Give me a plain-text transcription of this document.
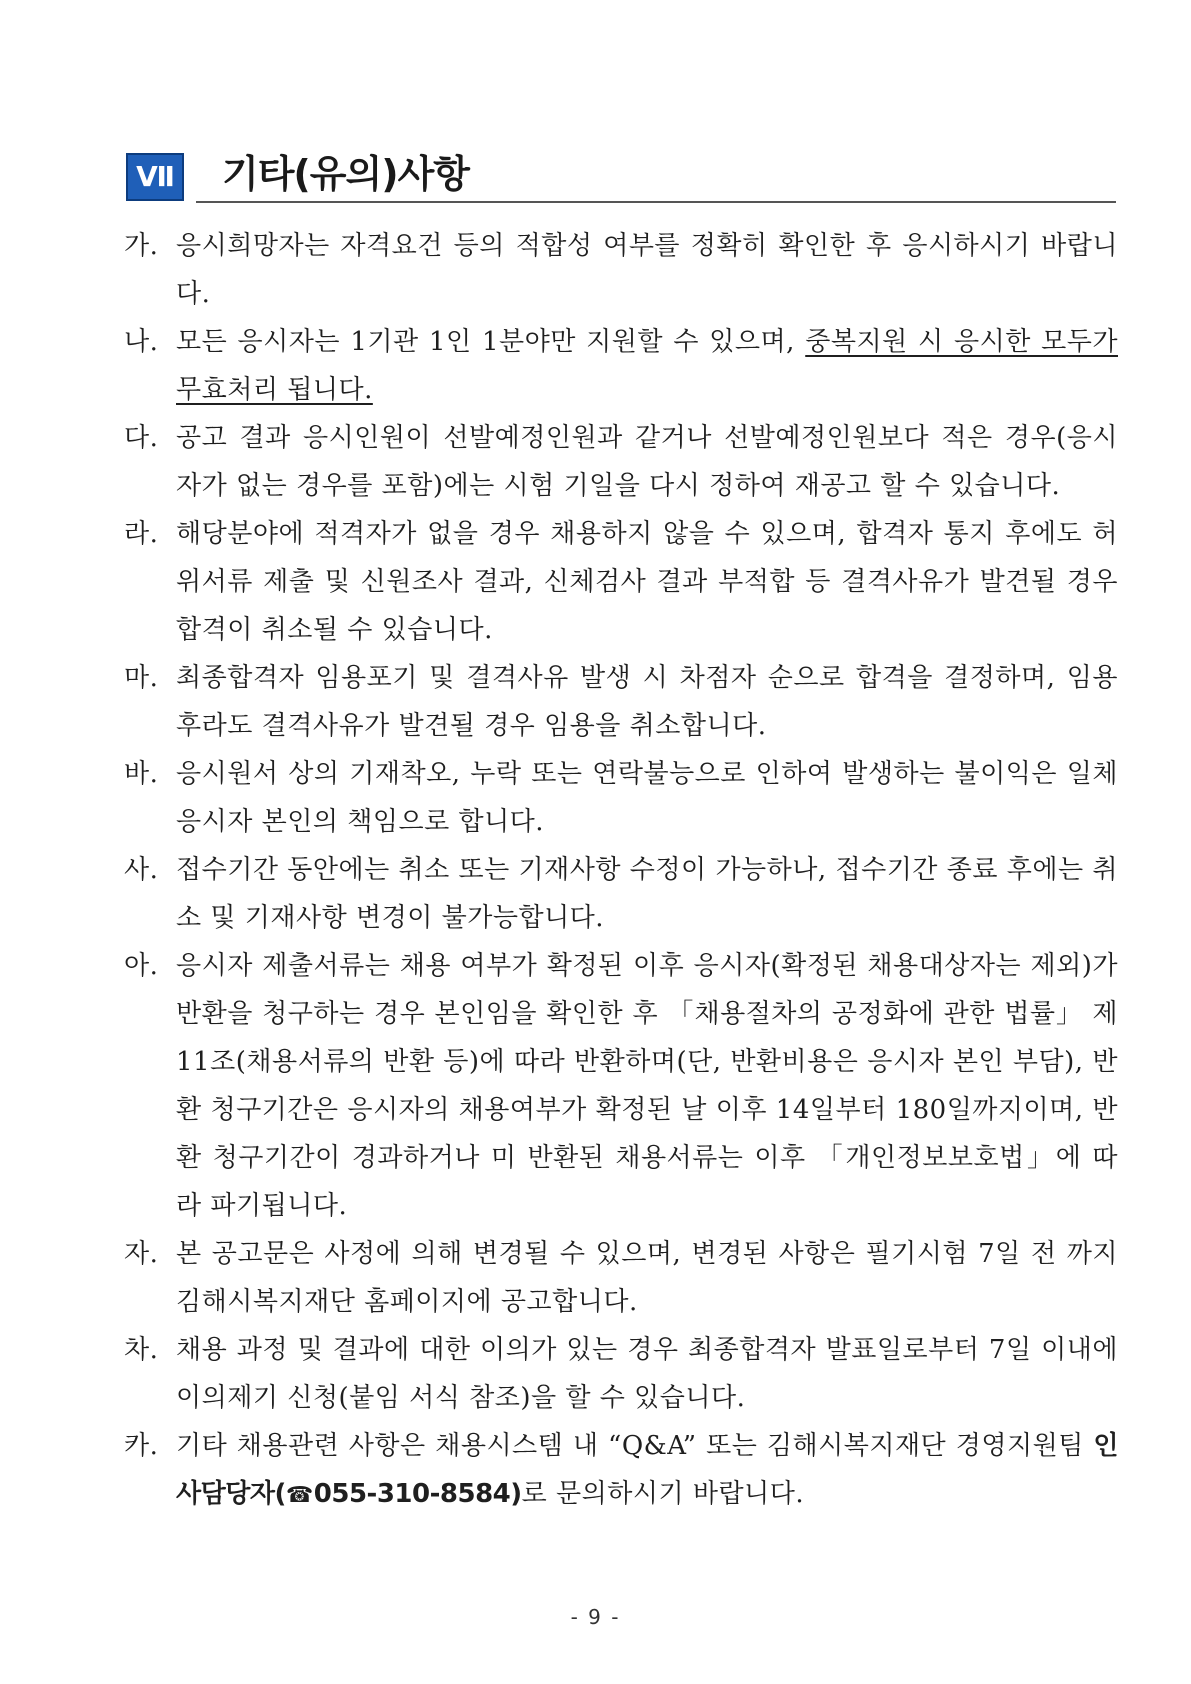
Ⅶ 기타(유의)사항
가. 응시희망자는 자격요건 등의 적합성 여부를 정확히 확인한 후 응시하시기 바랍니다.
나. 모든 응시자는 1기관 1인 1분야만 지원할 수 있으며, 중복지원 시 응시한 모두가 무효처리 됩니다.
다. 공고 결과 응시인원이 선발예정인원과 같거나 선발예정인원보다 적은 경우(응시자가 없는 경우를 포함)에는 시험 기일을 다시 정하여 재공고 할 수 있습니다.
라. 해당분야에 적격자가 없을 경우 채용하지 않을 수 있으며, 합격자 통지 후에도 허위서류 제출 및 신원조사 결과, 신체검사 결과 부적합 등 결격사유가 발견될 경우 합격이 취소될 수 있습니다.
마. 최종합격자 임용포기 및 결격사유 발생 시 차점자 순으로 합격을 결정하며, 임용 후라도 결격사유가 발견될 경우 임용을 취소합니다.
바. 응시원서 상의 기재착오, 누락 또는 연락불능으로 인하여 발생하는 불이익은 일체 응시자 본인의 책임으로 합니다.
사. 접수기간 동안에는 취소 또는 기재사항 수정이 가능하나, 접수기간 종료 후에는 취소 및 기재사항 변경이 불가능합니다.
아. 응시자 제출서류는 채용 여부가 확정된 이후 응시자(확정된 채용대상자는 제외)가 반환을 청구하는 경우 본인임을 확인한 후 「채용절차의 공정화에 관한 법률」 제11조(채용서류의 반환 등)에 따라 반환하며(단, 반환비용은 응시자 본인 부담), 반환 청구기간은 응시자의 채용여부가 확정된 날 이후 14일부터 180일까지이며, 반환 청구기간이 경과하거나 미 반환된 채용서류는 이후 「개인정보보호법」에 따라 파기됩니다.
자. 본 공고문은 사정에 의해 변경될 수 있으며, 변경된 사항은 필기시험 7일 전 까지 김해시복지재단 홈페이지에 공고합니다.
차. 채용 과정 및 결과에 대한 이의가 있는 경우 최종합격자 발표일로부터 7일 이내에 이의제기 신청(붙임 서식 참조)을 할 수 있습니다.
카. 기타 채용관련 사항은 채용시스템 내 “Q&A” 또는 김해시복지재단 경영지원팀 인사담당자(☎055-310-8584)로 문의하시기 바랍니다.
- 9 -
